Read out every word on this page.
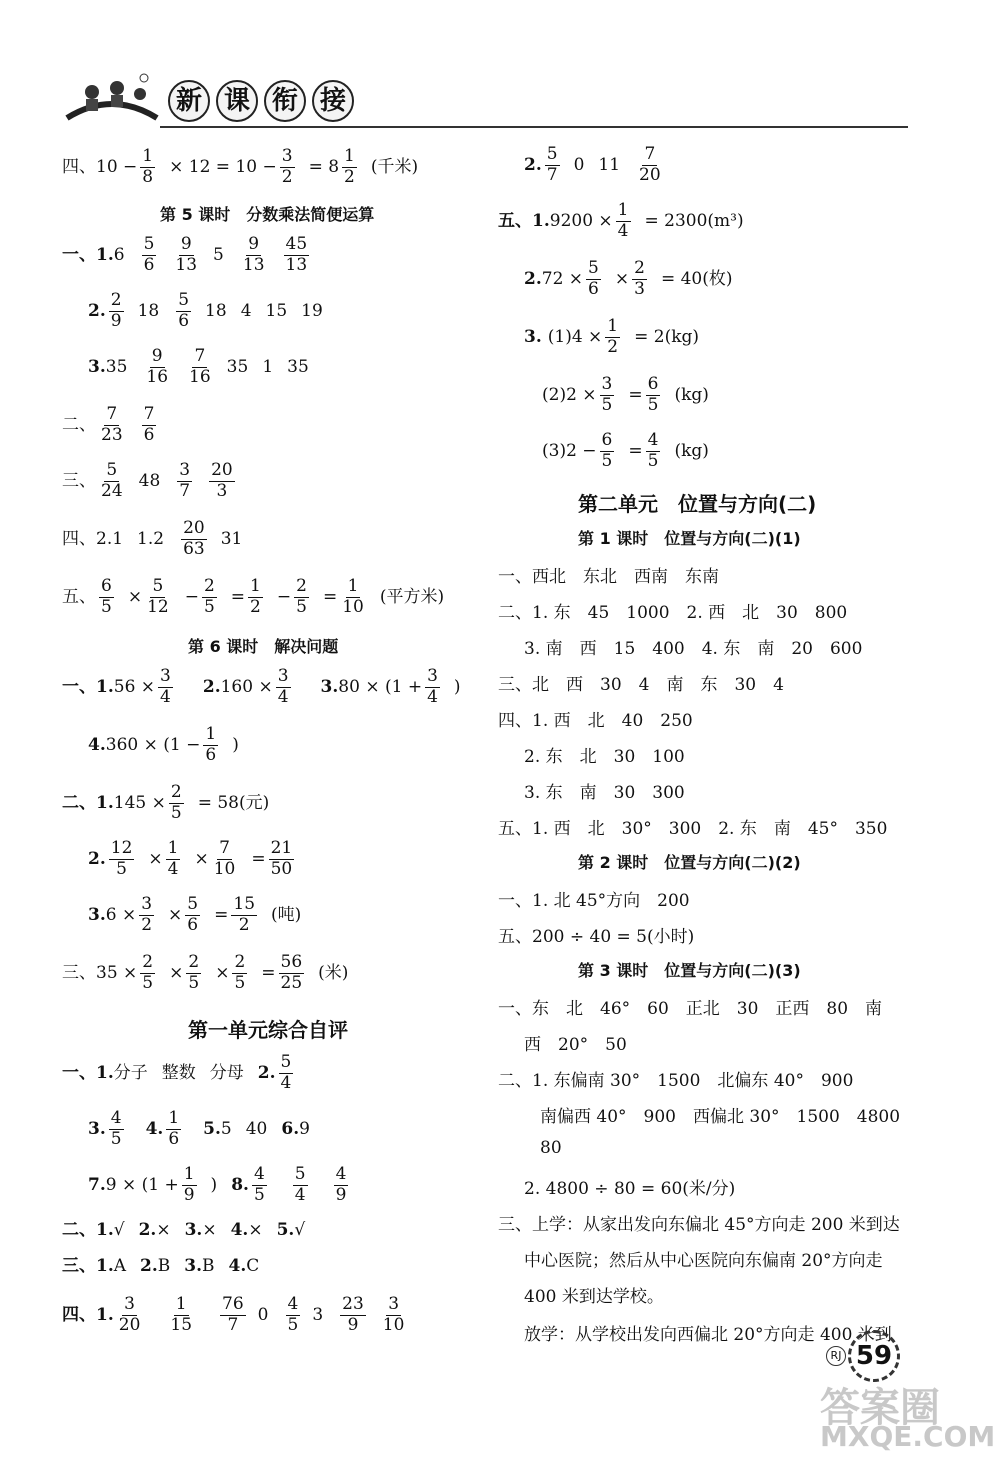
新 课 衔 接
四、$10 - \frac{1}{8} \times 12 = 10 - \frac{3}{2} = 8 \frac{1}{2}$ (千米)
第 5 课时　分数乘法简便运算
一、1. $6 \frac{5}{6} \frac{9}{13} 5 \frac{9}{13} \frac{45}{13}$
2. $\frac{2}{9} 18 \frac{5}{6} 18$ 4 15 19
3. $35 \frac{9}{16} \frac{7}{16} 35$ 1 35
二、 $\frac{7}{23} \frac{7}{6}$
三、 $\frac{5}{24} 48 \frac{3}{7} \frac{20}{3}$
四、2.1 $1.2 \frac{20}{63} 31$
五、 $\frac{6}{5} \times \frac{5}{12} - \frac{2}{5} = \frac{1}{2} - \frac{2}{5} = \frac{1}{10}$ (平方米)
第 6 课时　解决问题
一、1. $56 \times \frac{3}{4} 2$. $160 \times \frac{3}{4} 3$. $80 \times (1 + \frac{3}{4}$ )
4. $360 \times (1 - \frac{1}{6}$ )
二、1. $145 \times \frac{2}{5} = 58$(元)
2. $\frac{12}{5} \times \frac{1}{4} \times \frac{7}{10} = \frac{21}{50}$
3. $6 \times \frac{3}{2} \times \frac{5}{6} = \frac{15}{2}$ (吨)
三、 $35 \times \frac{2}{5} \times \frac{2}{5} \times \frac{2}{5} = \frac{56}{25}$ (米)
第一单元综合自评
一、1. 分子 整数 分母 2. $\frac{5}{4}$
3. $\frac{4}{5} 4$. $\frac{1}{6} 5$. 5 40 6. 9
7. $9 \times (1 + \frac{1}{9}$ ) 8. $\frac{4}{5} \frac{5}{4} \frac{4}{9}$
二、1. √ 2. × 3. × 4. × 5. √
三、1. A 2. B 3. B 4. C
四、1. $\frac{3}{20} \frac{1}{15} \frac{76}{7} 0 \frac{4}{5} 3 \frac{23}{9} \frac{3}{10}$
2. $\frac{5}{7} 0$ $11 \frac{7}{20}$
五、1. $9200 \times \frac{1}{4} = 2300(m^3)$
2. $72 \times \frac{5}{6} \times \frac{2}{3} = 40$(枚)
3. $(1)4 \times \frac{1}{2} = 2(kg)$
$(2)2 \times \frac{3}{5} = \frac{6}{5} (kg)$
$(3)2 - \frac{6}{5} = \frac{4}{5} (kg)$
第二单元　位置与方向(二)
第 1 课时　位置与方向(二)(1)
一、西北　东北　西南　东南
二、1. 东　45　1000　2. 西　北　30　800
3. 南　西　15　400　4. 东　南　20　600
三、北　西　30　4　南　东　30　4
四、1. 西　北　40　250
2. 东　北　30　100
3. 东　南　30　300
五、1. 西　北　30°　300　2. 东　南　45°　350
第 2 课时　位置与方向(二)(2)
一、1. 北 45°方向　200
五、200 ÷ 40 = 5(小时)
第 3 课时　位置与方向(二)(3)
一、东　北　46°　60　正北　30　正西　80　南
西　20°　50
二、1. 东偏南 30°　1500　北偏东 40°　900
南偏西 40°　900　西偏北 30°　1500　4800
80
2. 4800 ÷ 80 = 60(米/分)
三、上学：从家出发向东偏北 45°方向走 200 米到达
中心医院；然后从中心医院向东偏南 20°方向走
400 米到达学校。
放学：从学校出发向西偏北 20°方向走 400 米到
RJ 59
答案圈
MXQE.COM
